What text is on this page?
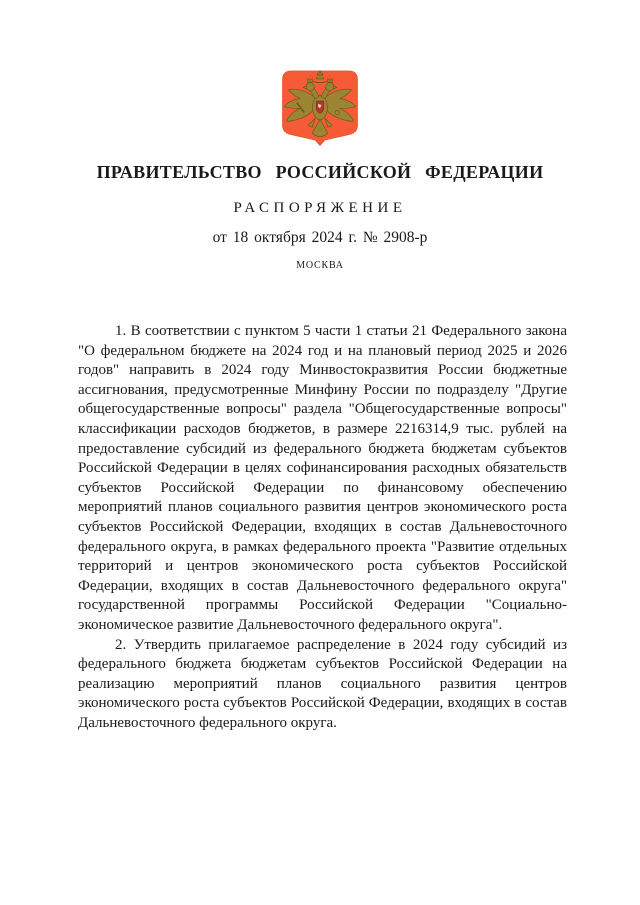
ПРАВИТЕЛЬСТВО РОССИЙСКОЙ ФЕДЕРАЦИИ
РАСПОРЯЖЕНИЕ
от 18 октября 2024 г. № 2908-р
МОСКВА

1. В соответствии с пунктом 5 части 1 статьи 21 Федерального закона "О федеральном бюджете на 2024 год и на плановый период 2025 и 2026 годов" направить в 2024 году Минвостокразвития России бюджетные ассигнования, предусмотренные Минфину России по подразделу "Другие общегосударственные вопросы" раздела "Общегосударственные вопросы" классификации расходов бюджетов, в размере 2216314,9 тыс. рублей на предоставление субсидий из федерального бюджета бюджетам субъектов Российской Федерации в целях софинансирования расходных обязательств субъектов Российской Федерации по финансовому обеспечению мероприятий планов социального развития центров экономического роста субъектов Российской Федерации, входящих в состав Дальневосточного федерального округа, в рамках федерального проекта "Развитие отдельных территорий и центров экономического роста субъектов Российской Федерации, входящих в состав Дальневосточного федерального округа" государственной программы Российской Федерации "Социально-экономическое развитие Дальневосточного федерального округа".

2. Утвердить прилагаемое распределение в 2024 году субсидий из федерального бюджета бюджетам субъектов Российской Федерации на реализацию мероприятий планов социального развития центров экономического роста субъектов Российской Федерации, входящих в состав Дальневосточного федерального округа.
